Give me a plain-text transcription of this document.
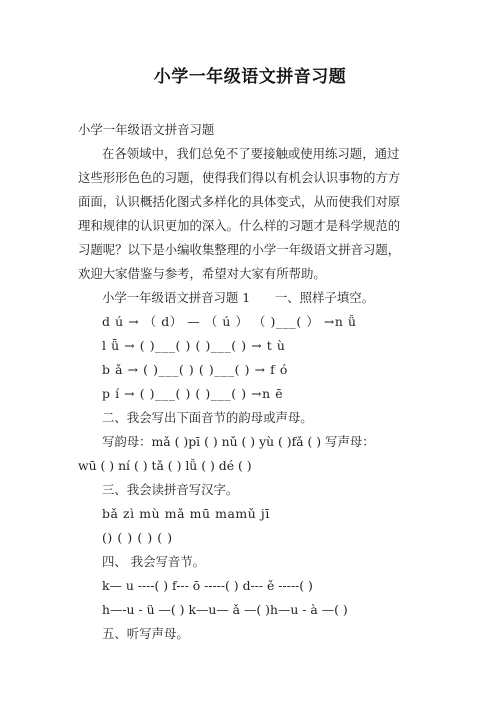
小学一年级语文拼音习题

小学一年级语文拼音习题

在各领域中，我们总免不了要接触或使用练习题，通过

这些形形色色的习题，使得我们得以有机会认识事物的方方

面面，认识概括化图式多样化的具体变式，从而使我们对原

理和规律的认识更加的深入。什么样的习题才是科学规范的

习题呢？以下是小编收集整理的小学一年级语文拼音习题，

欢迎大家借鉴与参考，希望对大家有所帮助。

小学一年级语文拼音习题 1　　一、照样子填空。

d ú → （ d） — （ ú ） （ )___( ） →n ǚ

l ǖ → ( )___( ) ( )___( ) → t ù

b ǎ → ( )___( ) ( )___( ) → f ó

p í → ( )___( ) ( )___( ) →n ē

二、我会写出下面音节的韵母或声母。

写韵母：mǎ ( )pī ( ) nǔ ( ) yù ( )fǎ ( ) 写声母：

wū ( ) ní ( ) tǎ ( ) lǚ ( ) dé ( )

三、我会读拼音写汉字。

bǎ zì mù mǎ mū mamǔ jī

() ( ) ( ) ( )

四、 我会写音节。

k— u ----( ) f--- ō -----( ) d--- ě -----( )

h—-u - ü —( ) k—u— ǎ —( )h—u - à —( )

五、听写声母。
